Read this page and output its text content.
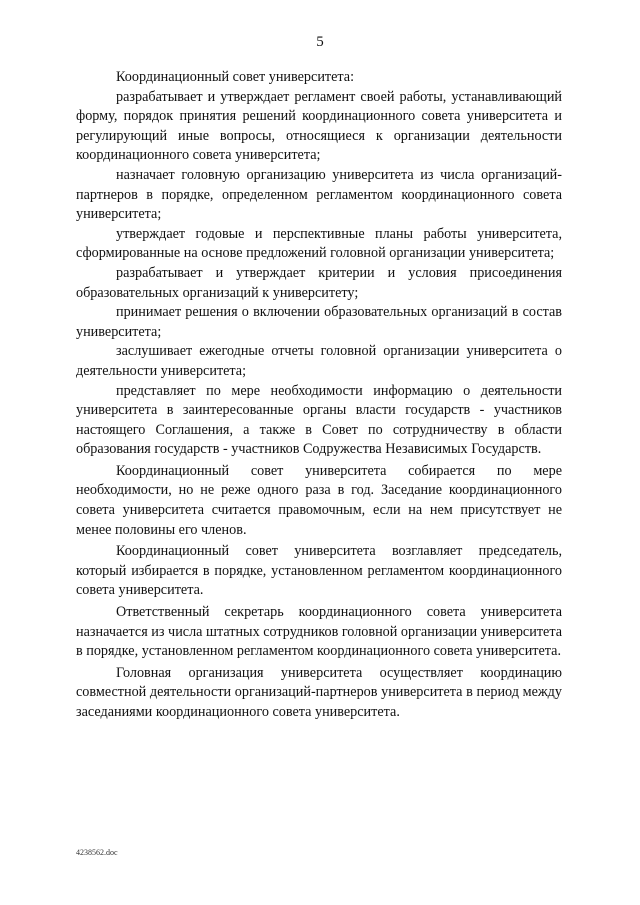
5

Координационный совет университета:

разрабатывает и утверждает регламент своей работы, устанавливающий форму, порядок принятия решений координационного совета университета и регулирующий иные вопросы, относящиеся к организации деятельности координационного совета университета;

назначает головную организацию университета из числа организаций-партнеров в порядке, определенном регламентом координационного совета университета;

утверждает годовые и перспективные планы работы университета, сформированные на основе предложений головной организации университета;

разрабатывает и утверждает критерии и условия присоединения образовательных организаций к университету;

принимает решения о включении образовательных организаций в состав университета;

заслушивает ежегодные отчеты головной организации университета о деятельности университета;

представляет по мере необходимости информацию о деятельности университета в заинтересованные органы власти государств - участников настоящего Соглашения, а также в Совет по сотрудничеству в области образования государств - участников Содружества Независимых Государств.

Координационный совет университета собирается по мере необходимости, но не реже одного раза в год. Заседание координационного совета университета считается правомочным, если на нем присутствует не менее половины его членов.

Координационный совет университета возглавляет председатель, который избирается в порядке, установленном регламентом координационного совета университета.

Ответственный секретарь координационного совета университета назначается из числа штатных сотрудников головной организации университета в порядке, установленном регламентом координационного совета университета.

Головная организация университета осуществляет координацию совместной деятельности организаций-партнеров университета в период между заседаниями координационного совета университета.

4238562.doc
